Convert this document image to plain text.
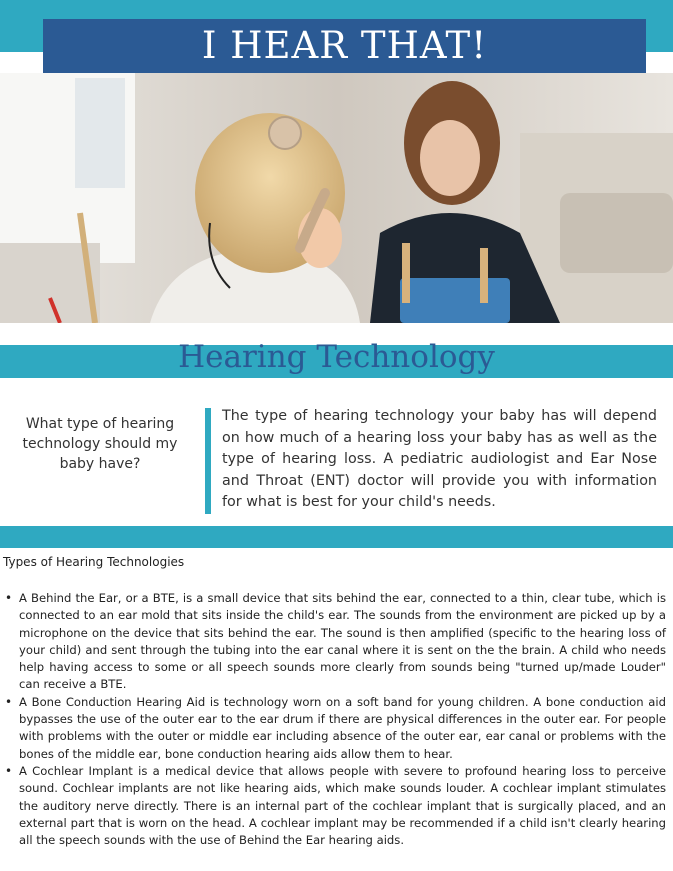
I HEAR THAT!
Hearing Technology
What type of hearing technology should my baby have?
The type of hearing technology your baby has will depend on how much of a hearing loss your baby has as well as the type of hearing loss. A pediatric audiologist and Ear Nose and Throat (ENT) doctor will provide you with information for what is best for your child's needs.
Types of Hearing Technologies
• A Behind the Ear, or a BTE, is a small device that sits behind the ear, connected to a thin, clear tube, which is connected to an ear mold that sits inside the child's ear. The sounds from the environment are picked up by a microphone on the device that sits behind the ear. The sound is then amplified (specific to the hearing loss of your child) and sent through the tubing into the ear canal where it is sent on the the brain. A child who needs help having access to some or all speech sounds more clearly from sounds being "turned up/made Louder" can receive a BTE.
• A Bone Conduction Hearing Aid is technology worn on a soft band for young children. A bone conduction aid bypasses the use of the outer ear to the ear drum if there are physical differences in the outer ear. For people with problems with the outer or middle ear including absence of the outer ear, ear canal or problems with the bones of the middle ear, bone conduction hearing aids allow them to hear.
• A Cochlear Implant is a medical device that allows people with severe to profound hearing loss to perceive sound. Cochlear implants are not like hearing aids, which make sounds louder. A cochlear implant stimulates the auditory nerve directly. There is an internal part of the cochlear implant that is surgically placed, and an external part that is worn on the head. A cochlear implant may be recommended if a child isn't clearly hearing all the speech sounds with the use of Behind the Ear hearing aids.
